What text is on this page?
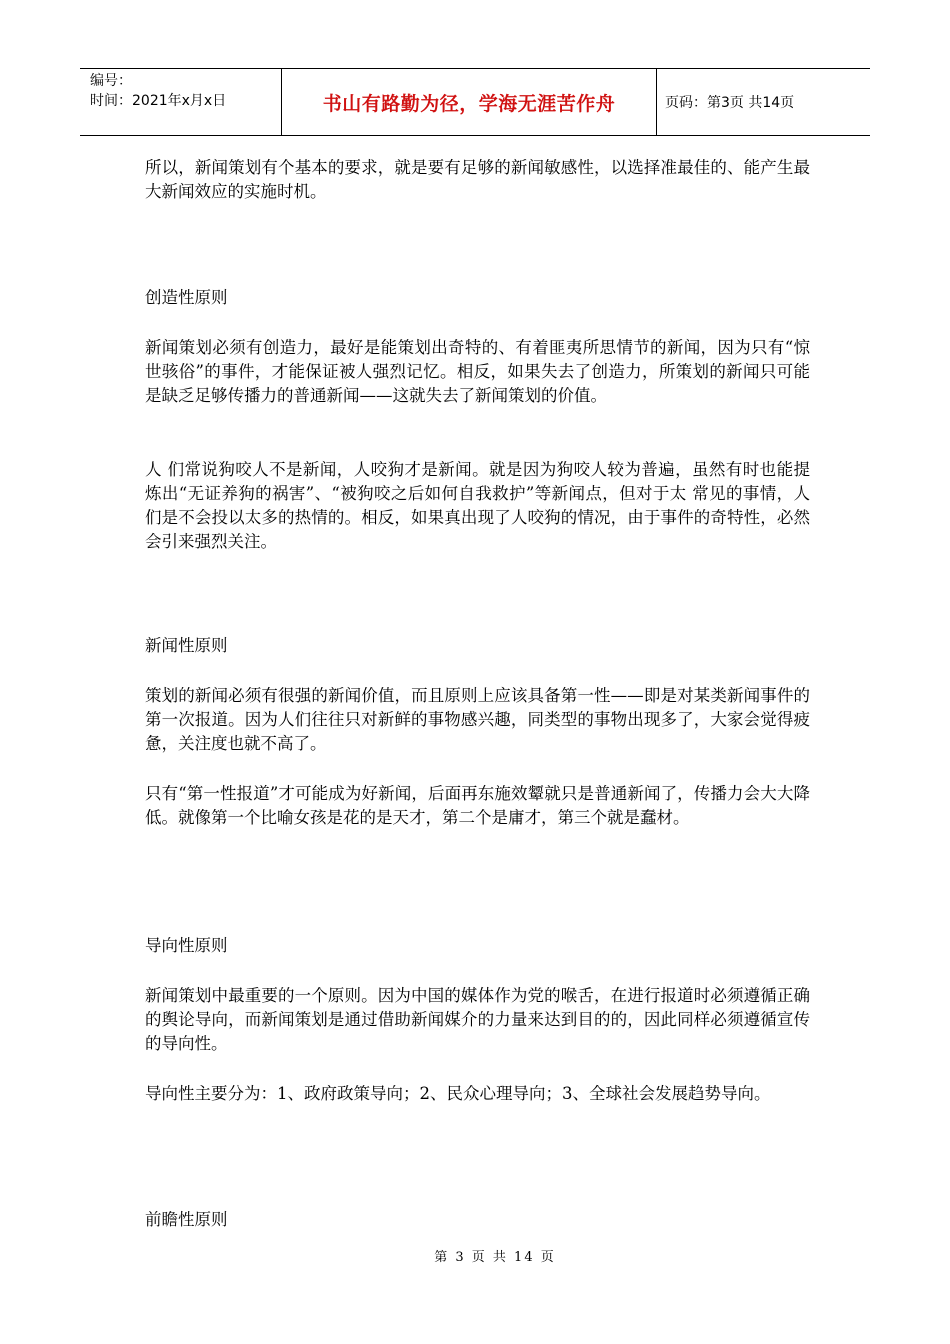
编号：
时间：2021年x月x日	书山有路勤为径，学海无涯苦作舟	页码：第3页 共14页

所以，新闻策划有个基本的要求，就是要有足够的新闻敏感性，以选择准最佳的、能产生最大新闻效应的实施时机。

创造性原则

新闻策划必须有创造力，最好是能策划出奇特的、有着匪夷所思情节的新闻，因为只有“惊世骇俗”的事件，才能保证被人强烈记忆。相反，如果失去了创造力，所策划的新闻只可能是缺乏足够传播力的普通新闻——这就失去了新闻策划的价值。

人 们常说狗咬人不是新闻，人咬狗才是新闻。就是因为狗咬人较为普遍，虽然有时也能提炼出“无证养狗的祸害”、“被狗咬之后如何自我救护”等新闻点，但对于太 常见的事情，人们是不会投以太多的热情的。相反，如果真出现了人咬狗的情况，由于事件的奇特性，必然会引来强烈关注。

新闻性原则

策划的新闻必须有很强的新闻价值，而且原则上应该具备第一性——即是对某类新闻事件的第一次报道。因为人们往往只对新鲜的事物感兴趣，同类型的事物出现多了，大家会觉得疲惫，关注度也就不高了。

只有“第一性报道”才可能成为好新闻，后面再东施效颦就只是普通新闻了，传播力会大大降低。就像第一个比喻女孩是花的是天才，第二个是庸才，第三个就是蠢材。

导向性原则

新闻策划中最重要的一个原则。因为中国的媒体作为党的喉舌，在进行报道时必须遵循正确的舆论导向，而新闻策划是通过借助新闻媒介的力量来达到目的的，因此同样必须遵循宣传的导向性。

导向性主要分为：1、政府政策导向；2、民众心理导向；3、全球社会发展趋势导向。

前瞻性原则

第 3 页 共 14 页
